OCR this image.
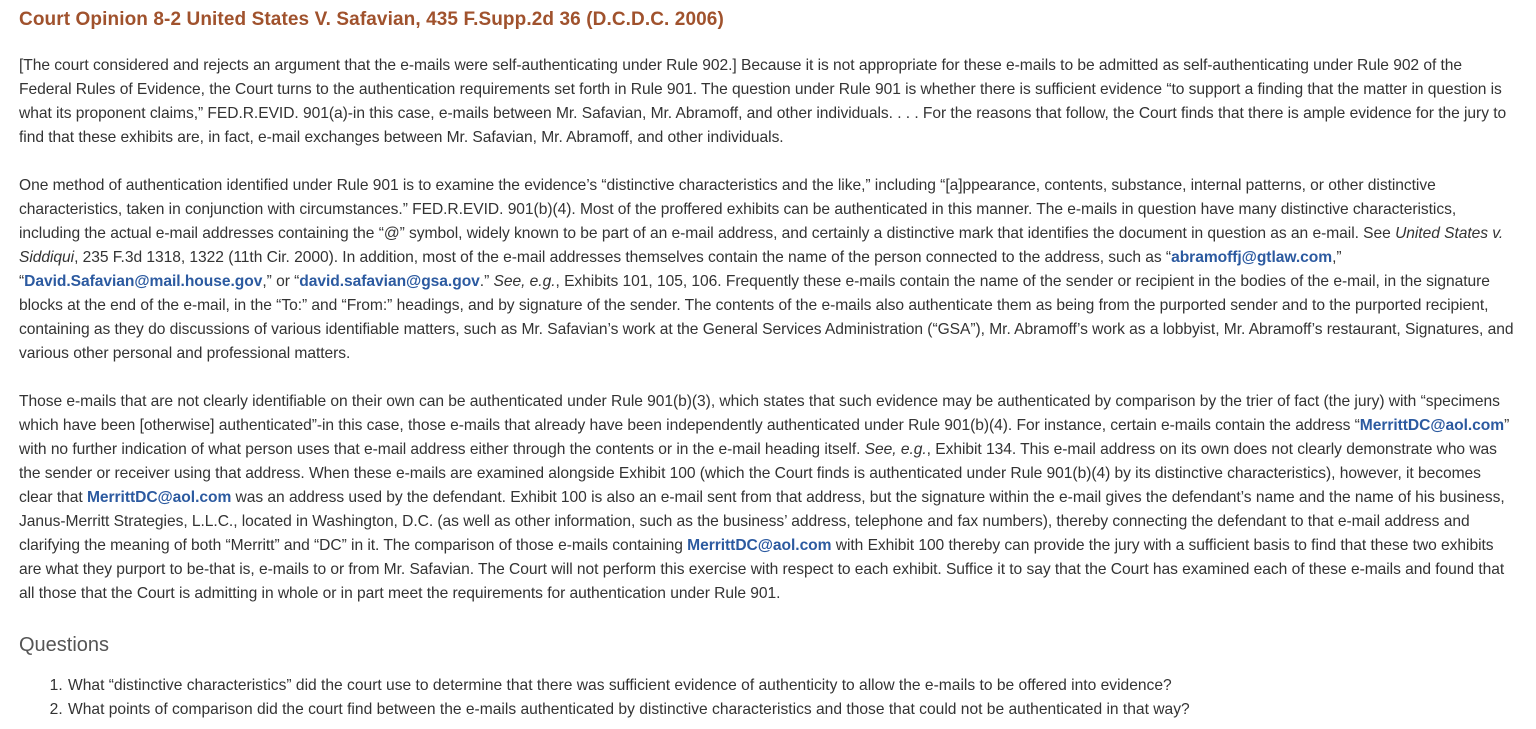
Court Opinion 8-2 United States V. Safavian, 435 F.Supp.2d 36 (D.C.D.C. 2006)

[The court considered and rejects an argument that the e-mails were self-authenticating under Rule 902.] Because it is not appropriate for these e-mails to be admitted as self-authenticating under Rule 902 of the Federal Rules of Evidence, the Court turns to the authentication requirements set forth in Rule 901. The question under Rule 901 is whether there is sufficient evidence “to support a finding that the matter in question is what its proponent claims,” FED.R.EVID. 901(a)-in this case, e-mails between Mr. Safavian, Mr. Abramoff, and other individuals. . . . For the reasons that follow, the Court finds that there is ample evidence for the jury to find that these exhibits are, in fact, e-mail exchanges between Mr. Safavian, Mr. Abramoff, and other individuals.

One method of authentication identified under Rule 901 is to examine the evidence’s “distinctive characteristics and the like,” including “[a]ppearance, contents, substance, internal patterns, or other distinctive characteristics, taken in conjunction with circumstances.” FED.R.EVID. 901(b)(4). Most of the proffered exhibits can be authenticated in this manner. The e-mails in question have many distinctive characteristics, including the actual e-mail addresses containing the “@” symbol, widely known to be part of an e-mail address, and certainly a distinctive mark that identifies the document in question as an e-mail. See United States v. Siddiqui, 235 F.3d 1318, 1322 (11th Cir. 2000). In addition, most of the e-mail addresses themselves contain the name of the person connected to the address, such as “abramoffj@gtlaw.com,” “David.Safavian@mail.house.gov,” or “david.safavian@gsa.gov.” See, e.g., Exhibits 101, 105, 106. Frequently these e-mails contain the name of the sender or recipient in the bodies of the e-mail, in the signature blocks at the end of the e-mail, in the “To:” and “From:” headings, and by signature of the sender. The contents of the e-mails also authenticate them as being from the purported sender and to the purported recipient, containing as they do discussions of various identifiable matters, such as Mr. Safavian’s work at the General Services Administration (“GSA”), Mr. Abramoff’s work as a lobbyist, Mr. Abramoff’s restaurant, Signatures, and various other personal and professional matters.

Those e-mails that are not clearly identifiable on their own can be authenticated under Rule 901(b)(3), which states that such evidence may be authenticated by comparison by the trier of fact (the jury) with “specimens which have been [otherwise] authenticated”-in this case, those e-mails that already have been independently authenticated under Rule 901(b)(4). For instance, certain e-mails contain the address “MerrittDC@aol.com” with no further indication of what person uses that e-mail address either through the contents or in the e-mail heading itself. See, e.g., Exhibit 134. This e-mail address on its own does not clearly demonstrate who was the sender or receiver using that address. When these e-mails are examined alongside Exhibit 100 (which the Court finds is authenticated under Rule 901(b)(4) by its distinctive characteristics), however, it becomes clear that MerrittDC@aol.com was an address used by the defendant. Exhibit 100 is also an e-mail sent from that address, but the signature within the e-mail gives the defendant’s name and the name of his business, Janus-Merritt Strategies, L.L.C., located in Washington, D.C. (as well as other information, such as the business’ address, telephone and fax numbers), thereby connecting the defendant to that e-mail address and clarifying the meaning of both “Merritt” and “DC” in it. The comparison of those e-mails containing MerrittDC@aol.com with Exhibit 100 thereby can provide the jury with a sufficient basis to find that these two exhibits are what they purport to be-that is, e-mails to or from Mr. Safavian. The Court will not perform this exercise with respect to each exhibit. Suffice it to say that the Court has examined each of these e-mails and found that all those that the Court is admitting in whole or in part meet the requirements for authentication under Rule 901.

Questions
1. What “distinctive characteristics” did the court use to determine that there was sufficient evidence of authenticity to allow the e-mails to be offered into evidence?
2. What points of comparison did the court find between the e-mails authenticated by distinctive characteristics and those that could not be authenticated in that way?
